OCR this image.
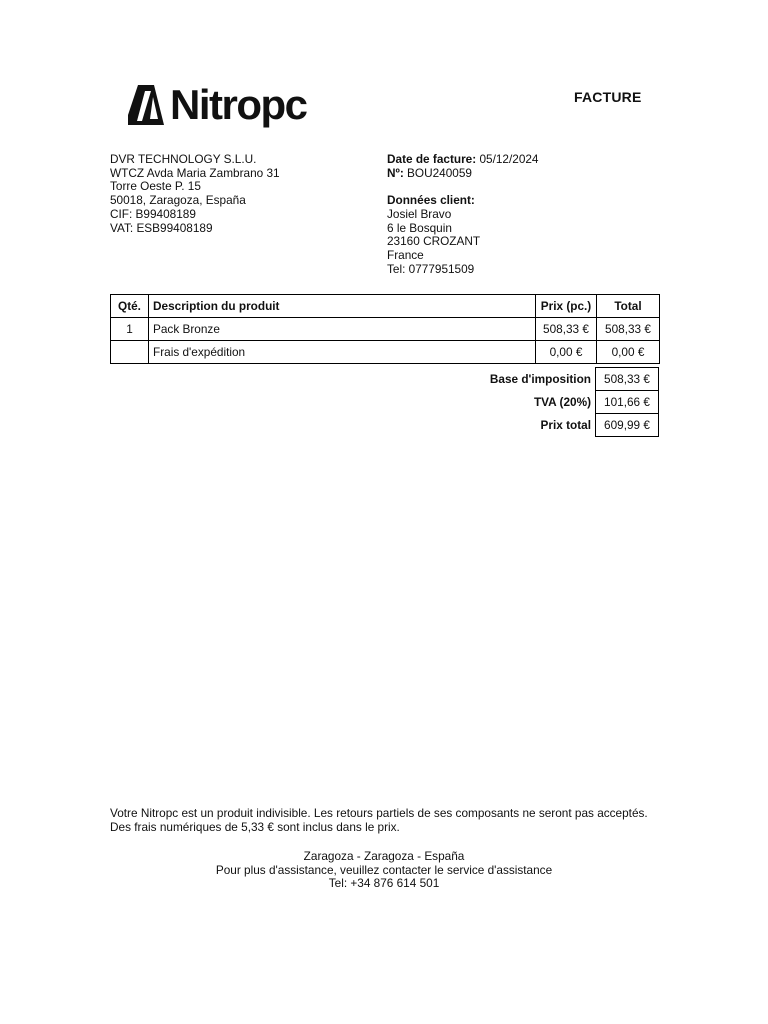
Nitropc	FACTURE
DVR TECHNOLOGY S.L.U.
WTCZ Avda Maria Zambrano 31
Torre Oeste P. 15
50018, Zaragoza, España
CIF: B99408189
VAT: ESB99408189
Date de facture: 05/12/2024
Nº: BOU240059
Données client:
Josiel Bravo
6 le Bosquin
23160 CROZANT
France
Tel: 0777951509
Qté.	Description du produit	Prix (pc.)	Total
1	Pack Bronze	508,33 €	508,33 €
	Frais d'expédition	0,00 €	0,00 €
Base d'imposition	508,33 €
TVA (20%)	101,66 €
Prix total	609,99 €
Votre Nitropc est un produit indivisible. Les retours partiels de ses composants ne seront pas acceptés. Des frais numériques de 5,33 € sont inclus dans le prix.
Zaragoza - Zaragoza - España
Pour plus d'assistance, veuillez contacter le service d'assistance
Tel: +34 876 614 501
